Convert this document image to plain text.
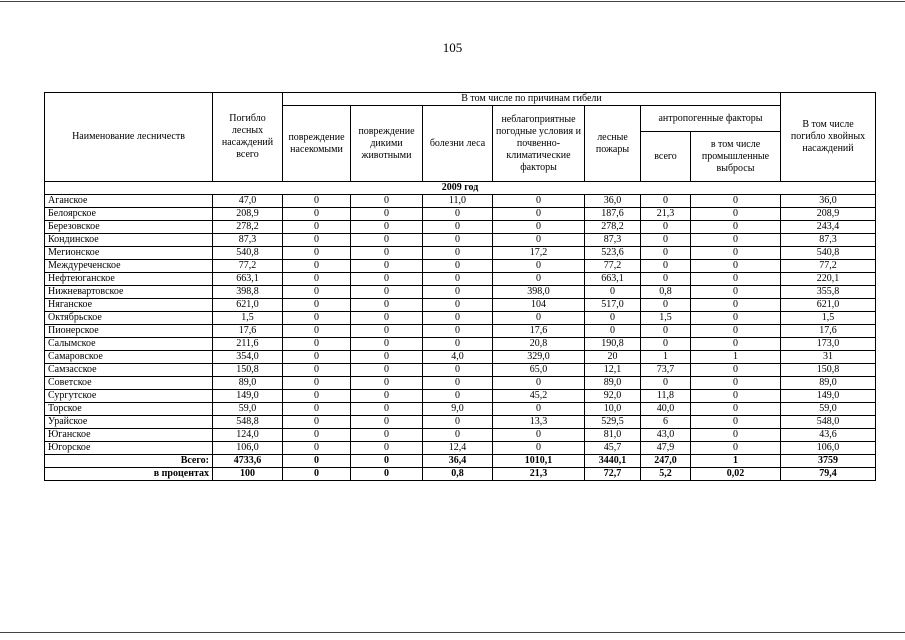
105
Наименование лесничеств	Погибло лесных насаждений всего	В том числе по причинам гибели							В том числе погибло хвойных насаждений
		повреждение насекомыми	повреждение дикими животными	болезни леса	неблагоприятные погодные условия и почвенно-климатические факторы	лесные пожары	антропогенные факторы		
							всего	в том числе промышленные выбросы	
2009 год									
Аганское	47,0	0	0	11,0	0	36,0	0	0	36,0
Белоярское	208,9	0	0	0	0	187,6	21,3	0	208,9
Березовское	278,2	0	0	0	0	278,2	0	0	243,4
Кондинское	87,3	0	0	0	0	87,3	0	0	87,3
Мегионское	540,8	0	0	0	17,2	523,6	0	0	540,8
Междуреченское	77,2	0	0	0	0	77,2	0	0	77,2
Нефтеюганское	663,1	0	0	0	0	663,1	0	0	220,1
Нижневартовское	398,8	0	0	0	398,0	0	0,8	0	355,8
Няганское	621,0	0	0	0	104	517,0	0	0	621,0
Октябрьское	1,5	0	0	0	0	0	1,5	0	1,5
Пионерское	17,6	0	0	0	17,6	0	0	0	17,6
Салымское	211,6	0	0	0	20,8	190,8	0	0	173,0
Самаровское	354,0	0	0	4,0	329,0	20	1	1	31
Самзасское	150,8	0	0	0	65,0	12,1	73,7	0	150,8
Советское	89,0	0	0	0	0	89,0	0	0	89,0
Сургутское	149,0	0	0	0	45,2	92,0	11,8	0	149,0
Торское	59,0	0	0	9,0	0	10,0	40,0	0	59,0
Урайское	548,8	0	0	0	13,3	529,5	6	0	548,0
Юганское	124,0	0	0	0	0	81,0	43,0	0	43,6
Югорское	106,0	0	0	12,4	0	45,7	47,9	0	106,0
Всего:	4733,6	0	0	36,4	1010,1	3440,1	247,0	1	3759
в процентах	100	0	0	0,8	21,3	72,7	5,2	0,02	79,4
